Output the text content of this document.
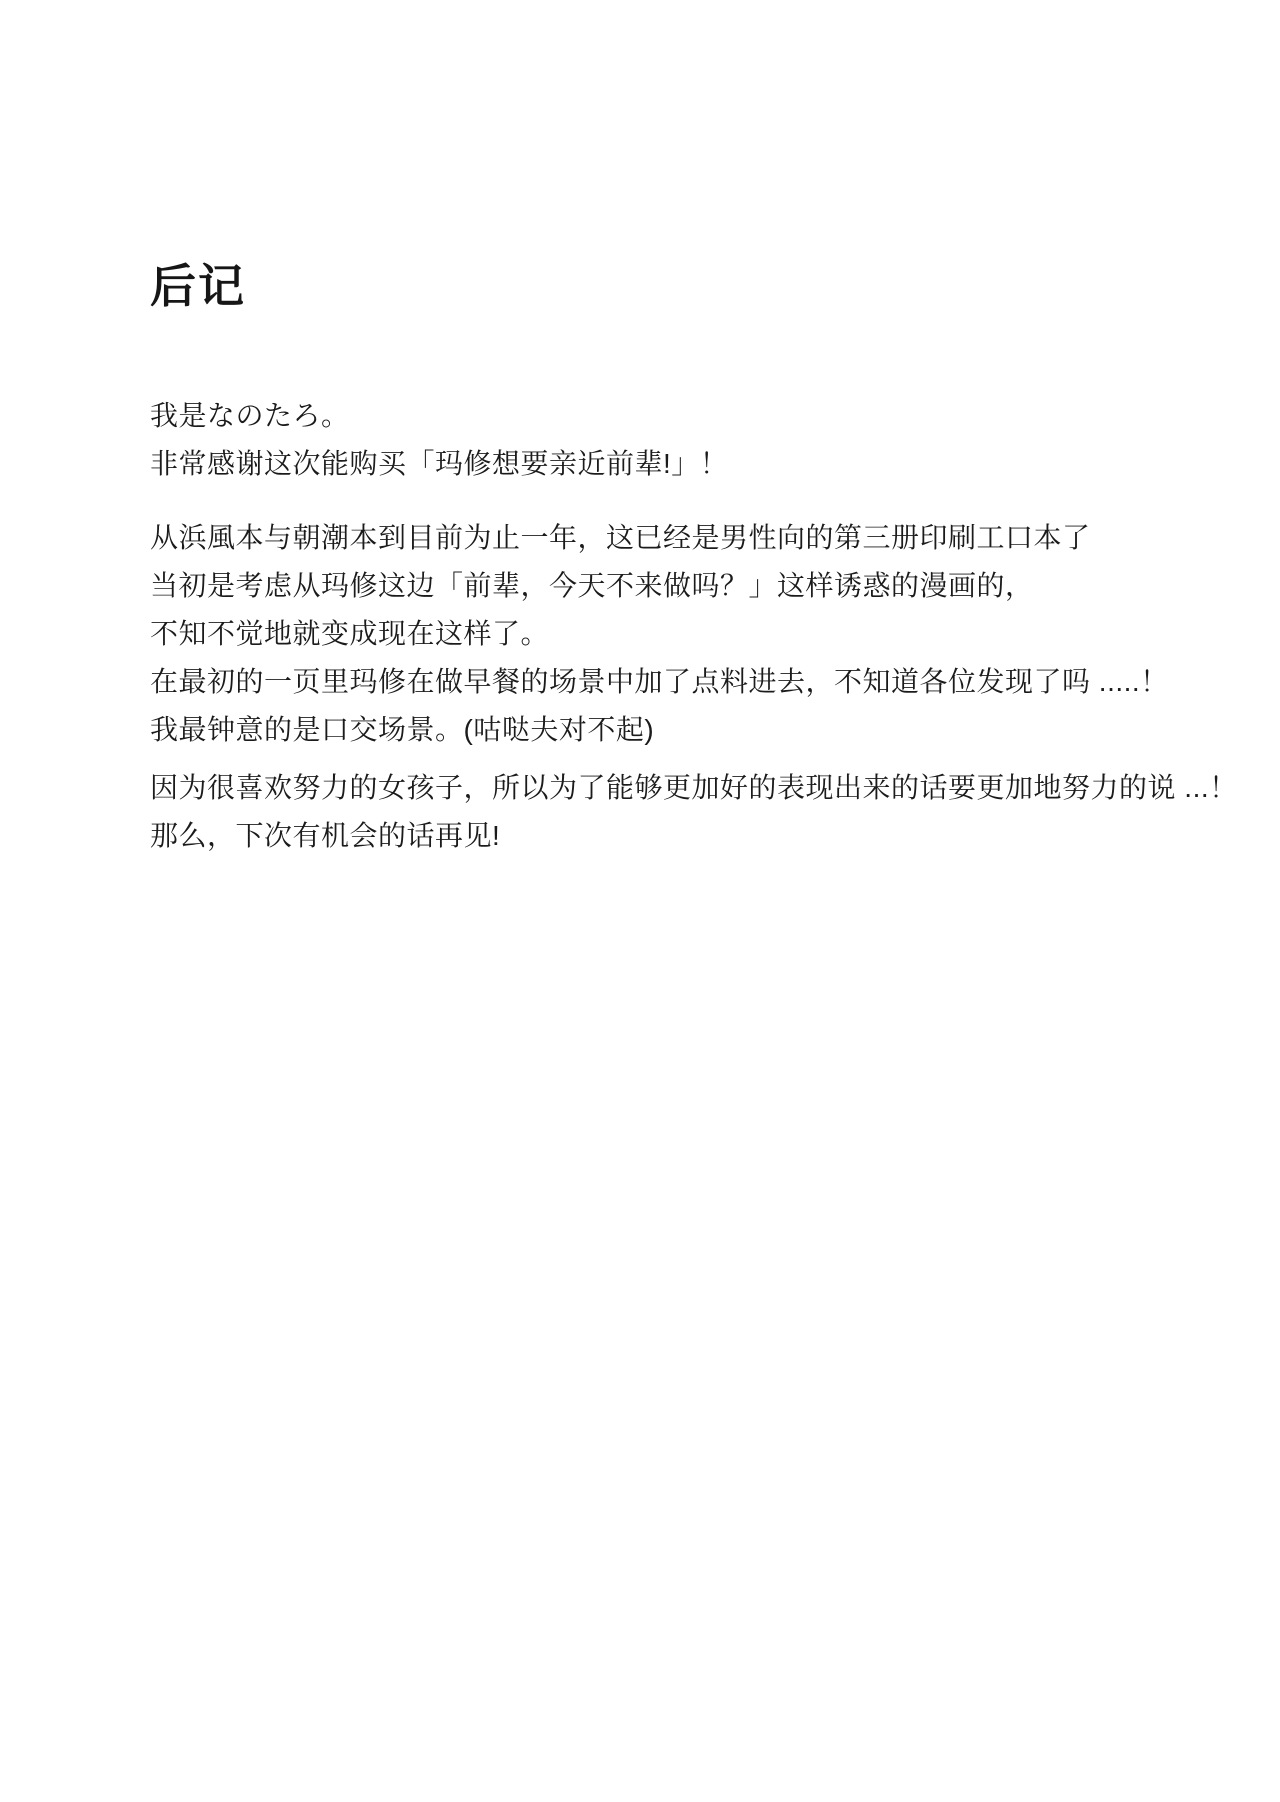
后记

我是なのたろ。

非常感谢这次能购买「玛修想要亲近前辈!」！

从浜風本与朝潮本到目前为止一年，这已经是男性向的第三册印刷工口本了

当初是考虑从玛修这边「前辈，今天不来做吗？」这样诱惑的漫画的，

不知不觉地就变成现在这样了。

在最初的一页里玛修在做早餐的场景中加了点料进去，不知道各位发现了吗 .....！

我最钟意的是口交场景。(咕哒夫对不起)

因为很喜欢努力的女孩子，所以为了能够更加好的表现出来的话要更加地努力的说 ...！

那么，下次有机会的话再见!
